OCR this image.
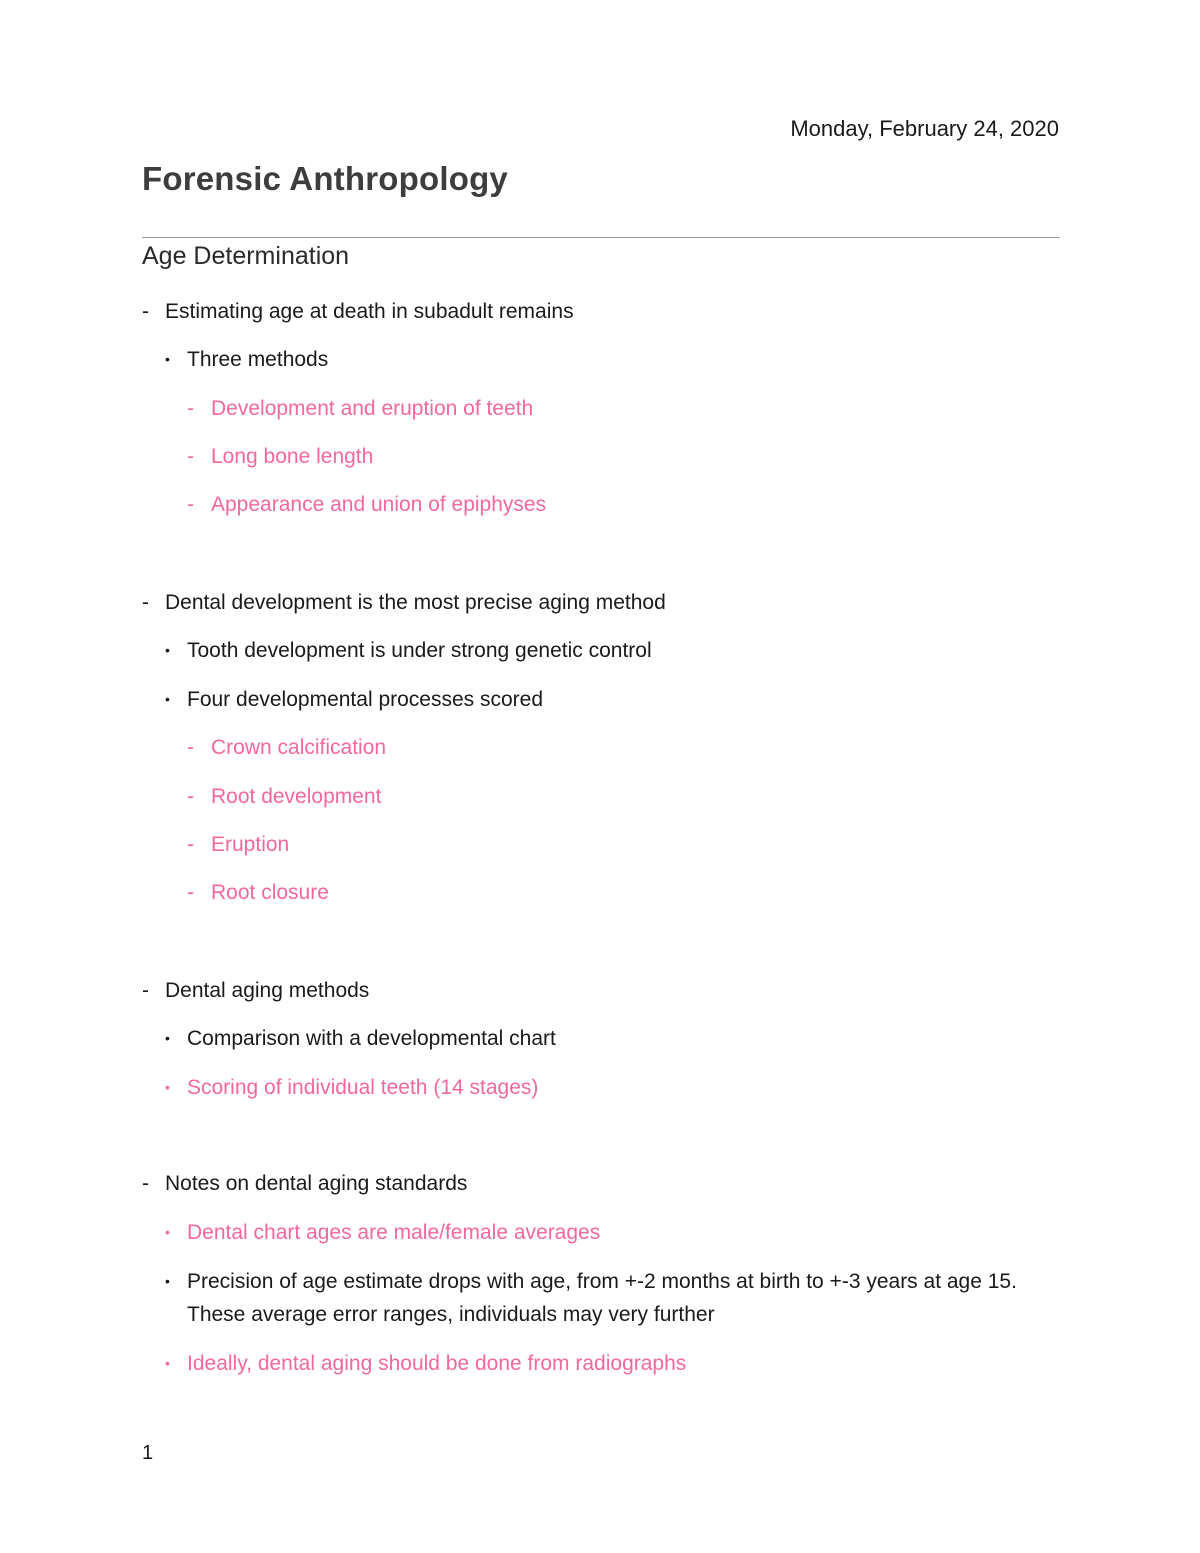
Monday, February 24, 2020
Forensic Anthropology
Age Determination
- Estimating age at death in subadult remains
• Three methods
- Development and eruption of teeth
- Long bone length
- Appearance and union of epiphyses
- Dental development is the most precise aging method
• Tooth development is under strong genetic control
• Four developmental processes scored
- Crown calcification
- Root development
- Eruption
- Root closure
- Dental aging methods
• Comparison with a developmental chart
• Scoring of individual teeth (14 stages)
- Notes on dental aging standards
• Dental chart ages are male/female averages
• Precision of age estimate drops with age, from +-2 months at birth to +-3 years at age 15. These average error ranges, individuals may very further
• Ideally, dental aging should be done from radiographs
1
